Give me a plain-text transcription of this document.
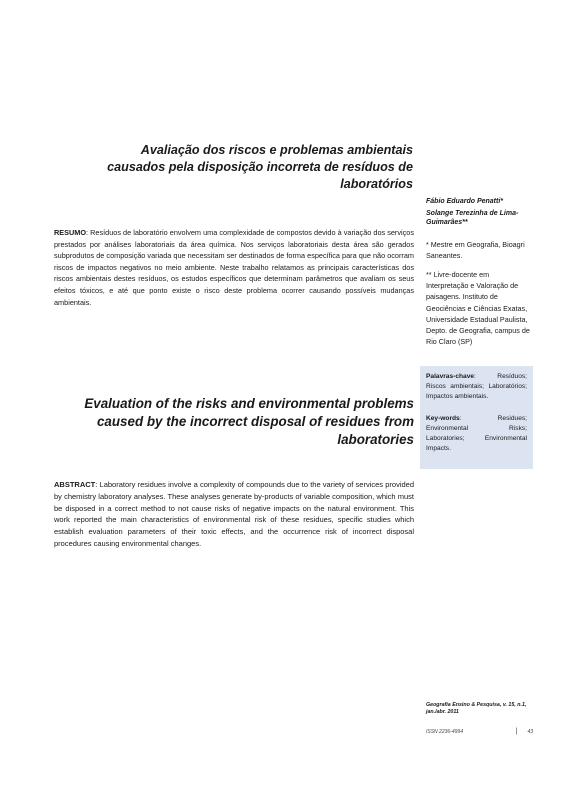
Avaliação dos riscos e problemas ambientais causados pela disposição incorreta de resíduos de laboratórios

RESUMO: Resíduos de laboratório envolvem uma complexidade de compostos devido à variação dos serviços prestados por análises laboratoriais da área química. Nos serviços laboratoriais desta área são gerados subprodutos de composição variada que necessitam ser destinados de forma específica para que não ocorram riscos de impactos negativos no meio ambiente. Neste trabalho relatamos as principais características dos riscos ambientais destes resíduos, os estudos específicos que determinam parâmetros que avaliam os seus efeitos tóxicos, e até que ponto existe o risco deste problema ocorrer causando possíveis mudanças ambientais.

Fábio Eduardo Penatti*

Solange Terezinha de Lima-Guimarães**

* Mestre em Geografia, Bioagri Saneantes.

** Livre-docente em Interpretação e Valoração de paisagens. Instituto de Geociências e Ciências Exatas, Universidade Estadual Paulista, Depto. de Geografia, campus de Rio Claro (SP)

Palavras-chave: Resíduos; Riscos ambientais; Laboratórios; Impactos ambientais.

Key-words: Residues; Environmental Risks; Laboratories; Environmental Impacts.

Evaluation of the risks and environmental problems caused by the incorrect disposal of residues from laboratories

ABSTRACT: Laboratory residues involve a complexity of compounds due to the variety of services provided by chemistry laboratory analyses. These analyses generate by-products of variable composition, which must be disposed in a correct method to not cause risks of negative impacts on the natural environment. This work reported the main characteristics of environmental risk of these residues, specific studies which establish evaluation parameters of their toxic effects, and the occurrence risk of incorrect disposal procedures causing environmental changes.

Geografia Ensino & Pesquisa, v. 15, n.1, jan./abr. 2011

ISSN 2236-4994	| 43
